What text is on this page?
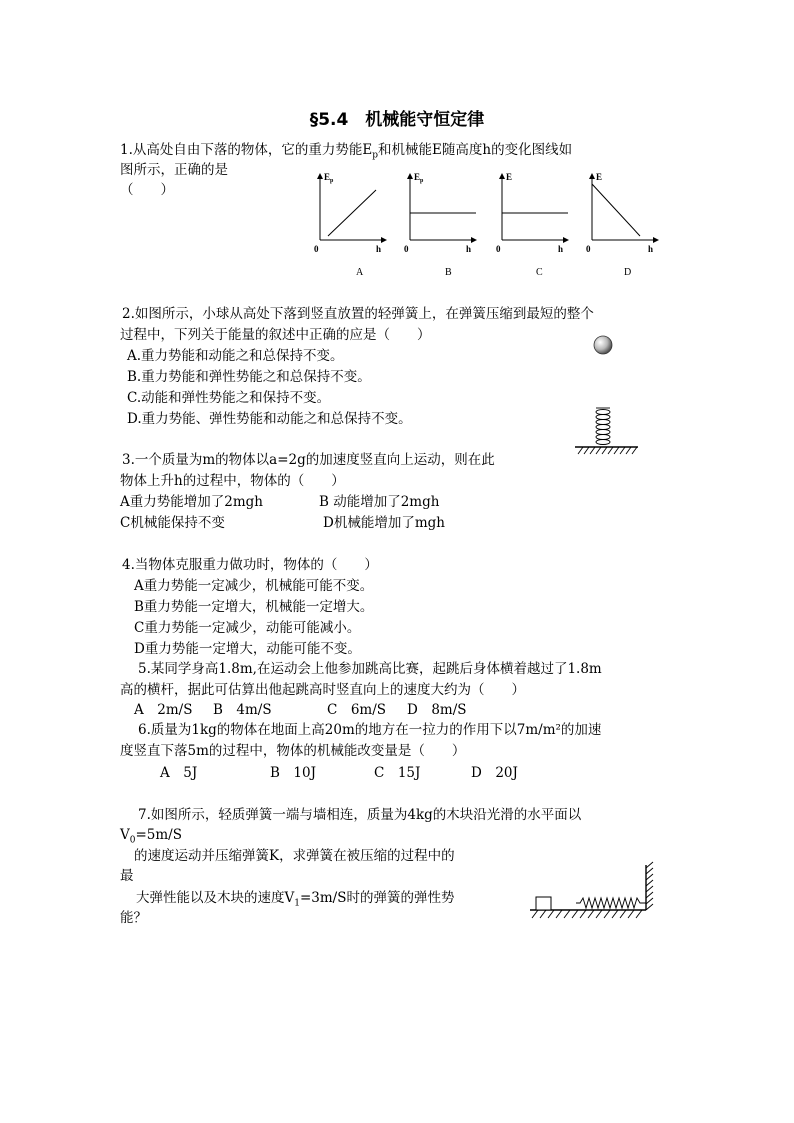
§5.4　机械能守恒定律
1.从高处自由下落的物体，它的重力势能$E_p$和机械能E随高度h的变化图线如
图所示，正确的是
（　　）
$E_p$
0	h
A
$E_p$
0	h
B
E
0	h
C
E
0	h
D
2.如图所示，小球从高处下落到竖直放置的轻弹簧上，在弹簧压缩到最短的整个
过程中，下列关于能量的叙述中正确的应是（　　）
A.重力势能和动能之和总保持不变。
B.重力势能和弹性势能之和总保持不变。
C.动能和弹性势能之和保持不变。
D.重力势能、弹性势能和动能之和总保持不变。
3.一个质量为m的物体以a=2g的加速度竖直向上运动，则在此
物体上升h的过程中，物体的（　　）
A重力势能增加了2mgh	B 动能增加了2mgh
C机械能保持不变	D机械能增加了mgh
4.当物体克服重力做功时，物体的（　　）
A重力势能一定减少，机械能可能不变。
B重力势能一定增大，机械能一定增大。
C重力势能一定减少，动能可能减小。
D重力势能一定增大，动能可能不变。
5.某同学身高1.8m,在运动会上他参加跳高比赛，起跳后身体横着越过了1.8m
高的横杆，据此可估算出他起跳高时竖直向上的速度大约为（　　）
A　2m/S B　4m/S	C　6m/S D　8m/S
6.质量为1kg的物体在地面上高20m的地方在一拉力的作用下以7m/m²的加速
度竖直下落5m的过程中，物体的机械能改变量是（　　）
A　5J	B　10J	C　15J	D　20J
7.如图所示，轻质弹簧一端与墙相连，质量为4kg的木块沿光滑的水平面以
$V_0=5m/S$
的速度运动并压缩弹簧K，求弹簧在被压缩的过程中的
最
大弹性能以及木块的速度$V_1=3m/S$时的弹簧的弹性势
能？
